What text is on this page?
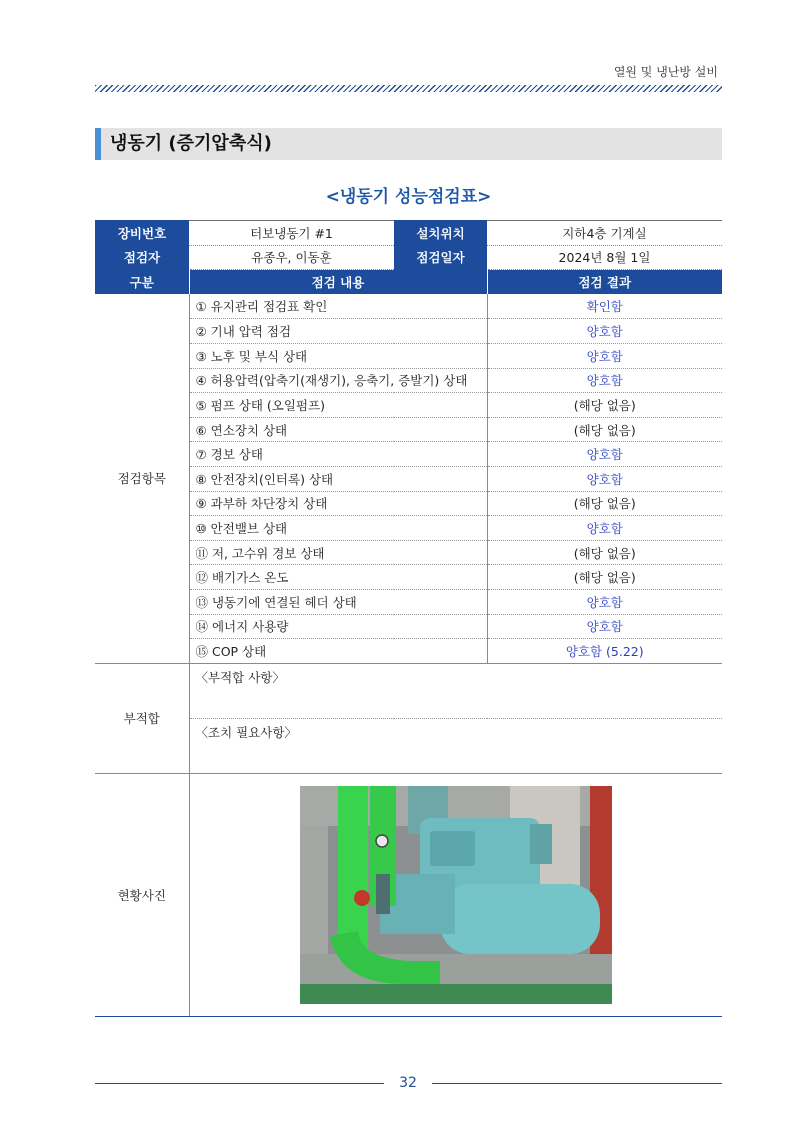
열원 및 냉난방 설비
냉동기 (증기압축식)
<냉동기 성능점검표>
장비번호	터보냉동기 #1	설치위치	지하4층 기계실
점검자	유종우, 이동훈	점검일자	2024년 8월 1일
구분	점검 내용		점검 결과
점검항목	① 유지관리 점검표 확인		확인함
	② 기내 압력 점검		양호함
	③ 노후 및 부식 상태		양호함
	④ 허용압력(압축기(재생기), 응축기, 증발기) 상태		양호함
	⑤ 펌프 상태 (오일펌프)		(해당 없음)
	⑥ 연소장치 상태		(해당 없음)
	⑦ 경보 상태		양호함
	⑧ 안전장치(인터록) 상태		양호함
	⑨ 과부하 차단장치 상태		(해당 없음)
	⑩ 안전밸브 상태		양호함
	⑪ 저, 고수위 경보 상태		(해당 없음)
	⑫ 배기가스 온도		(해당 없음)
	⑬ 냉동기에 연결된 헤더 상태		양호함
	⑭ 에너지 사용량		양호함
	⑮ COP 상태		양호함 (5.22)
부적합	〈부적합 사항〉		
	〈조치 필요사항〉		
현황사진	
32
